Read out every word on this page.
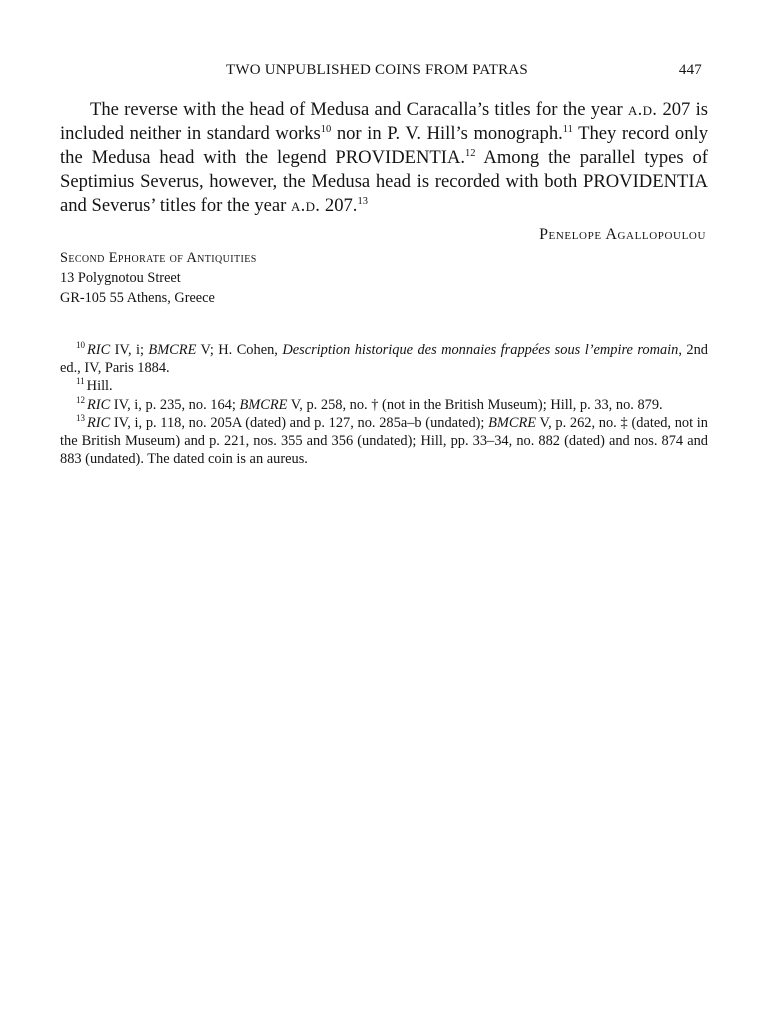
TWO UNPUBLISHED COINS FROM PATRAS	447

The reverse with the head of Medusa and Caracalla’s titles for the year a.d. 207 is included neither in standard works$^{10}$ nor in P. V. Hill’s monograph.$^{11}$ They record only the Medusa head with the legend PROVIDENTIA.$^{12}$ Among the parallel types of Septimius Severus, however, the Medusa head is recorded with both PROVIDENTIA and Severus’ titles for the year a.d. 207.13

Penelope Agallopoulou
Second Ephorate of Antiquities
13 Polygnotou Street
GR-105 55 Athens, Greece

$^{10}$ RIC IV, i; BMCRE V; H. Cohen, Description historique des monnaies frappées sous l’empire romain, 2nd ed., IV, Paris 1884.

$^{11}$ Hill.

$^{12}$ RIC IV, i, p. 235, no. 164; BMCRE V, p. 258, no. † (not in the British Museum); Hill, p. 33, no. 879.

$^{13}$ RIC IV, i, p. 118, no. 205A (dated) and p. 127, no. 285a–b (undated); BMCRE V, p. 262, no. ‡ (dated, not in the British Museum) and p. 221, nos. 355 and 356 (undated); Hill, pp. 33–34, no. 882 (dated) and nos. 874 and 883 (undated). The dated coin is an aureus.
